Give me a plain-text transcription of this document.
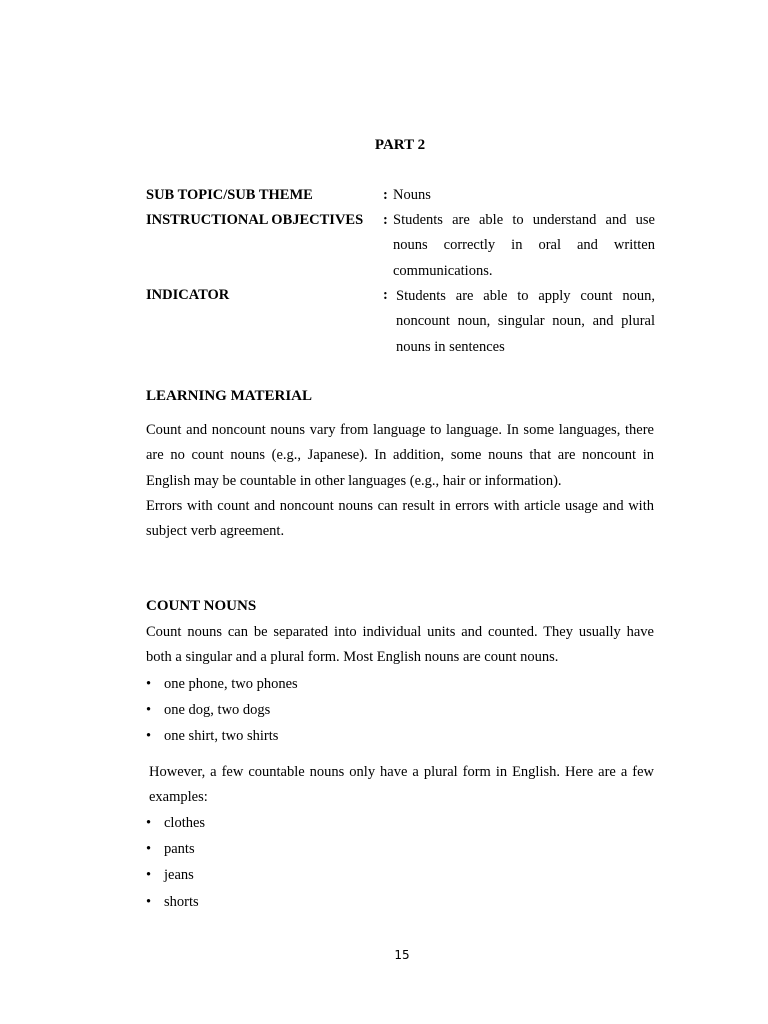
PART 2
SUB TOPIC/SUB THEME	: Nouns
INSTRUCTIONAL OBJECTIVES : Students are able to understand and use nouns correctly in oral and written communications.
INDICATOR	: Students are able to apply count noun, noncount noun, singular noun, and plural nouns in sentences
LEARNING MATERIAL

Count and noncount nouns vary from language to language. In some languages, there are no count nouns (e.g., Japanese). In addition, some nouns that are noncount in English may be countable in other languages (e.g., hair or information).

Errors with count and noncount nouns can result in errors with article usage and with subject verb agreement.

COUNT NOUNS
Count nouns can be separated into individual units and counted. They usually have both a singular and a plural form. Most English nouns are count nouns.
• one phone, two phones
• one dog, two dogs
• one shirt, two shirts
However, a few countable nouns only have a plural form in English. Here are a few examples:
• clothes
• pants
• jeans
• shorts
15
